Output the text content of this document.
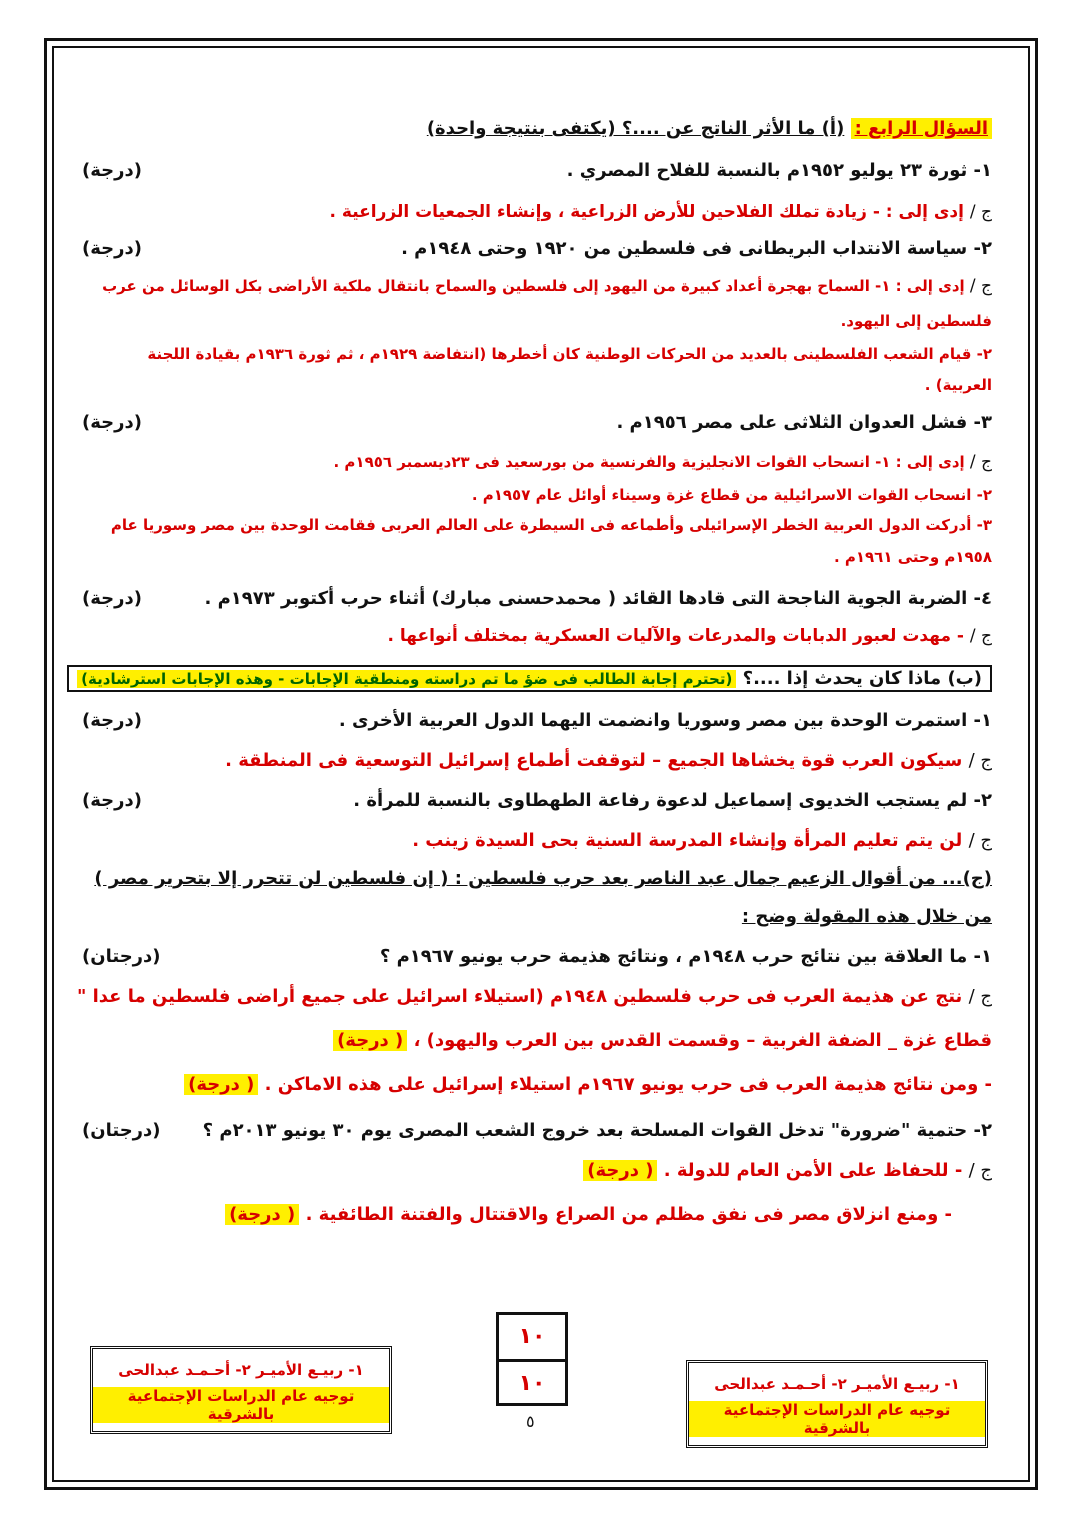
السؤال الرابع : (أ) ما الأثر الناتج عن ....؟ (يكتفى بنتيجة واحدة)
١- ثورة ٢٣ يوليو ١٩٥٢م بالنسبة للفلاح المصري .
(درجة)
ج / إدى إلى : - زيادة تملك الفلاحين للأرض الزراعية ، وإنشاء الجمعيات الزراعية .
٢- سياسة الانتداب البريطانى فى فلسطين من ١٩٢٠ وحتى ١٩٤٨م .
(درجة)
ج / إدى إلى : ١- السماح بهجرة أعداد كبيرة من اليهود إلى فلسطين والسماح بانتقال ملكية الأراضى بكل الوسائل من عرب
فلسطين إلى اليهود.
٢- قيام الشعب الفلسطينى بالعديد من الحركات الوطنية كان أخطرها (انتفاضة ١٩٢٩م ، ثم ثورة ١٩٣٦م بقيادة اللجنة
العربية) .
٣- فشل العدوان الثلاثى على مصر ١٩٥٦م .
(درجة)
ج / إدى إلى : ١- انسحاب القوات الانجليزية والفرنسية من بورسعيد فى ٢٣ديسمبر ١٩٥٦م .
٢- انسحاب القوات الاسرائيلية من قطاع غزة وسيناء أوائل عام ١٩٥٧م .
٣- أدركت الدول العربية الخطر الإسرائيلى وأطماعه فى السيطرة على العالم العربى فقامت الوحدة بين مصر وسوريا عام
١٩٥٨م وحتى ١٩٦١م .
٤- الضربة الجوية الناجحة التى قادها القائد ( محمدحسنى مبارك) أثناء حرب أكتوبر ١٩٧٣م .
(درجة)
ج / - مهدت لعبور الدبابات والمدرعات والآليات العسكرية بمختلف أنواعها .
(ب) ماذا كان يحدث إذا ....؟ (تحترم إجابة الطالب فى ضؤ ما تم دراسته ومنطقية الإجابات - وهذه الإجابات استرشادية)
١- استمرت الوحدة بين مصر وسوريا وانضمت اليهما الدول العربية الأخرى .
(درجة)
ج / سيكون العرب قوة يخشاها الجميع – لتوقفت أطماع إسرائيل التوسعية فى المنطقة .
٢- لم يستجب الخديوى إسماعيل لدعوة رفاعة الطهطاوى بالنسبة للمرأة .
(درجة)
ج / لن يتم تعليم المرأة وإنشاء المدرسة السنية بحى السيدة زينب .
(ج)... من أقوال الزعيم جمال عبد الناصر بعد حرب فلسطين : ( إن فلسطين لن تتحرر إلا بتحرير مصر )
من خلال هذه المقولة وضح :
١- ما العلاقة بين نتائج حرب ١٩٤٨م ، ونتائج هذيمة حرب يونيو ١٩٦٧م ؟
(درجتان)
ج / نتج عن هذيمة العرب فى حرب فلسطين ١٩٤٨م (استيلاء اسرائيل على جميع أراضى فلسطين ما عدا "
قطاع غزة _ الضفة الغربية – وقسمت القدس بين العرب واليهود) ، ( درجة)
- ومن نتائج هذيمة العرب فى حرب يونيو ١٩٦٧م استيلاء إسرائيل على هذه الاماكن . ( درجة)
٢- حتمية "ضرورة" تدخل القوات المسلحة بعد خروج الشعب المصرى يوم ٣٠ يونيو ٢٠١٣م ؟
(درجتان)
ج / - للحفاظ على الأمن العام للدولة . ( درجة)
- ومنع انزلاق مصر فى نفق مظلم من الصراع والاقتتال والفتنة الطائفية . ( درجة)
١٠
١٠
٥
١- ربيـع الأميـر ٢- أحـمـد عبدالحى
توجيه عام الدراسات الإجتماعية بالشرقية
١- ربيـع الأميـر ٢- أحـمـد عبدالحى
توجيه عام الدراسات الإجتماعية بالشرقية
